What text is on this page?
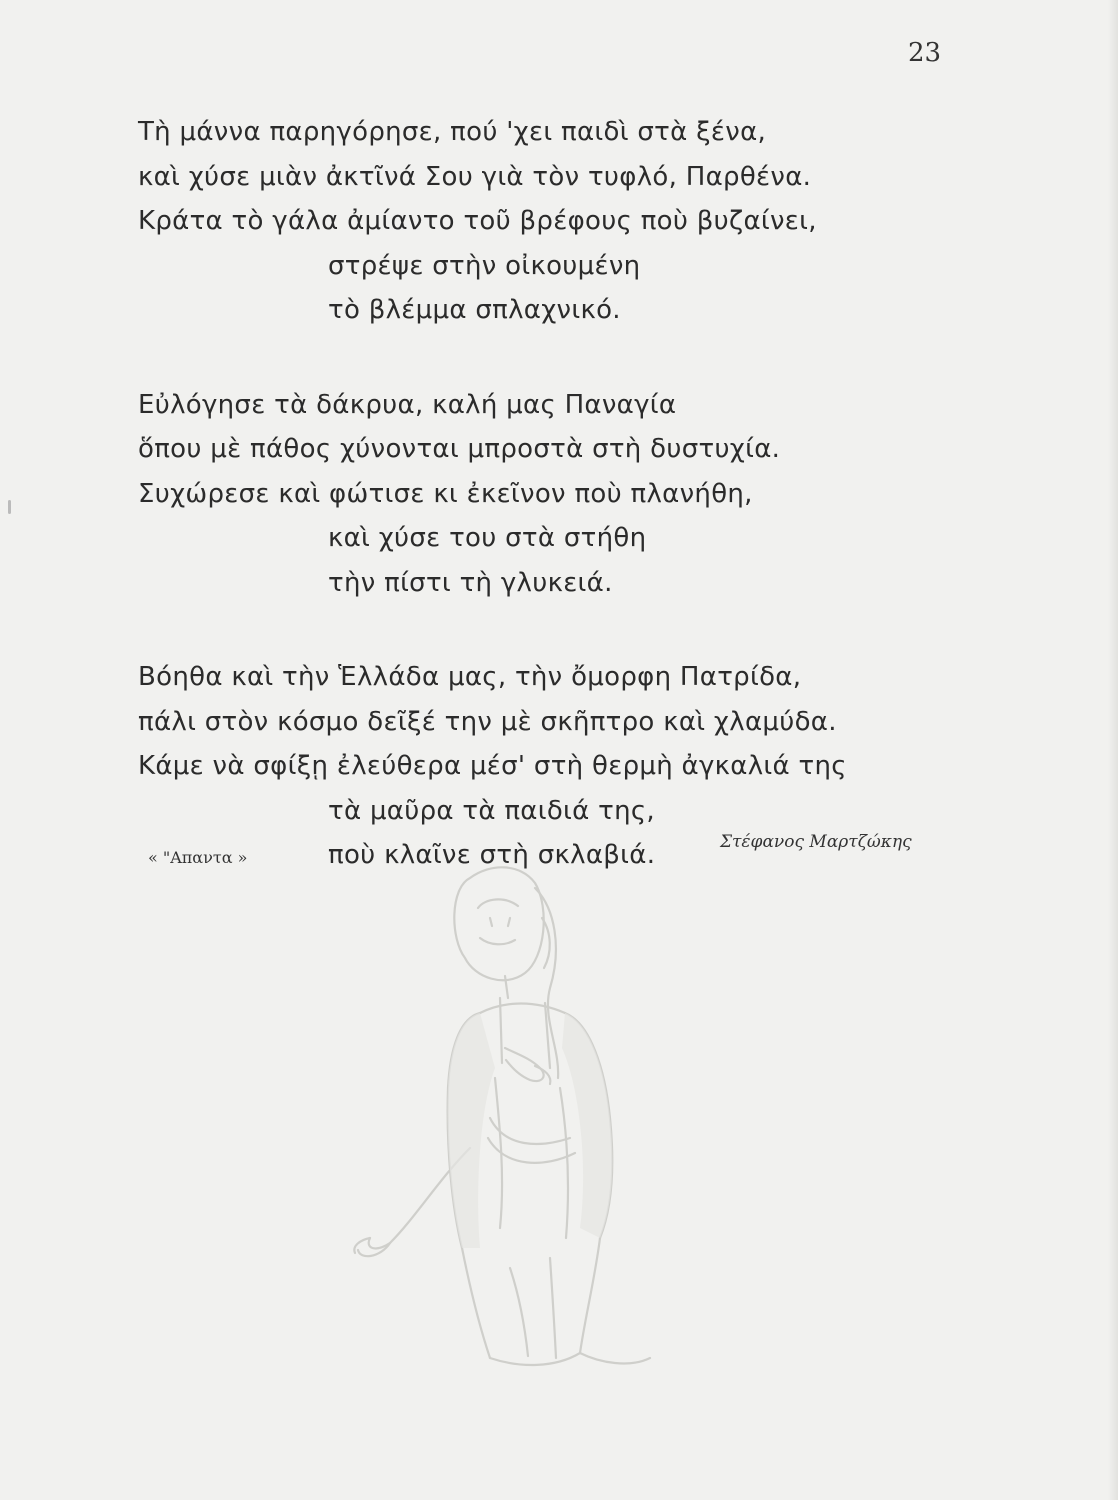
23
Τὴ μάννα παρηγόρησε, πού 'χει παιδὶ στὰ ξένα,
καὶ χύσε μιὰν ἀκτῖνά Σου γιὰ τὸν τυφλό, Παρθένα.
Κράτα τὸ γάλα ἀμίαντο τοῦ βρέφους ποὺ βυζαίνει,
στρέψε στὴν οἰκουμένη
τὸ βλέμμα σπλαχνικό.
Εὐλόγησε τὰ δάκρυα, καλή μας Παναγία
ὅπου μὲ πάθος χύνονται μπροστὰ στὴ δυστυχία.
Συχώρεσε καὶ φώτισε κι ἐκεῖνον ποὺ πλανήθη,
καὶ χύσε του στὰ στήθη
τὴν πίστι τὴ γλυκειά.
Βόηθα καὶ τὴν Ἑλλάδα μας, τὴν ὄμορφη Πατρίδα,
πάλι στὸν κόσμο δεῖξέ την μὲ σκῆπτρο καὶ χλαμύδα.
Κάμε νὰ σφίξῃ ἐλεύθερα μέσ' στὴ θερμὴ ἀγκαλιά της
τὰ μαῦρα τὰ παιδιά της,
ποὺ κλαῖνε στὴ σκλαβιά.
« "Απαντα »
Στέφανος Μαρτζώκης
